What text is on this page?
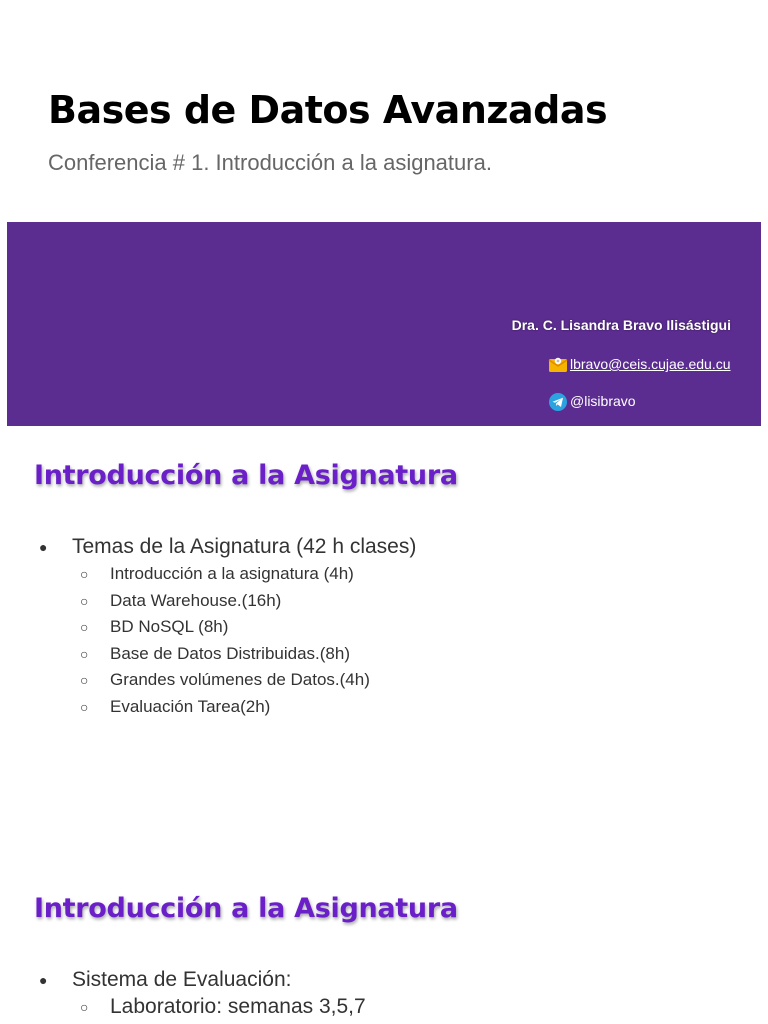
Bases de Datos Avanzadas
Conferencia # 1. Introducción a la asignatura.
Dra. C. Lisandra Bravo Ilisástigui
lbravo@ceis.cujae.edu.cu
@lisibravo
Introducción a la Asignatura
● Temas de la Asignatura (42 h clases)
○ Introducción a la asignatura (4h)
○ Data Warehouse.(16h)
○ BD NoSQL (8h)
○ Base de Datos Distribuidas.(8h)
○ Grandes volúmenes de Datos.(4h)
○ Evaluación Tarea(2h)
Introducción a la Asignatura
● Sistema de Evaluación:
○ Laboratorio: semanas 3,5,7
